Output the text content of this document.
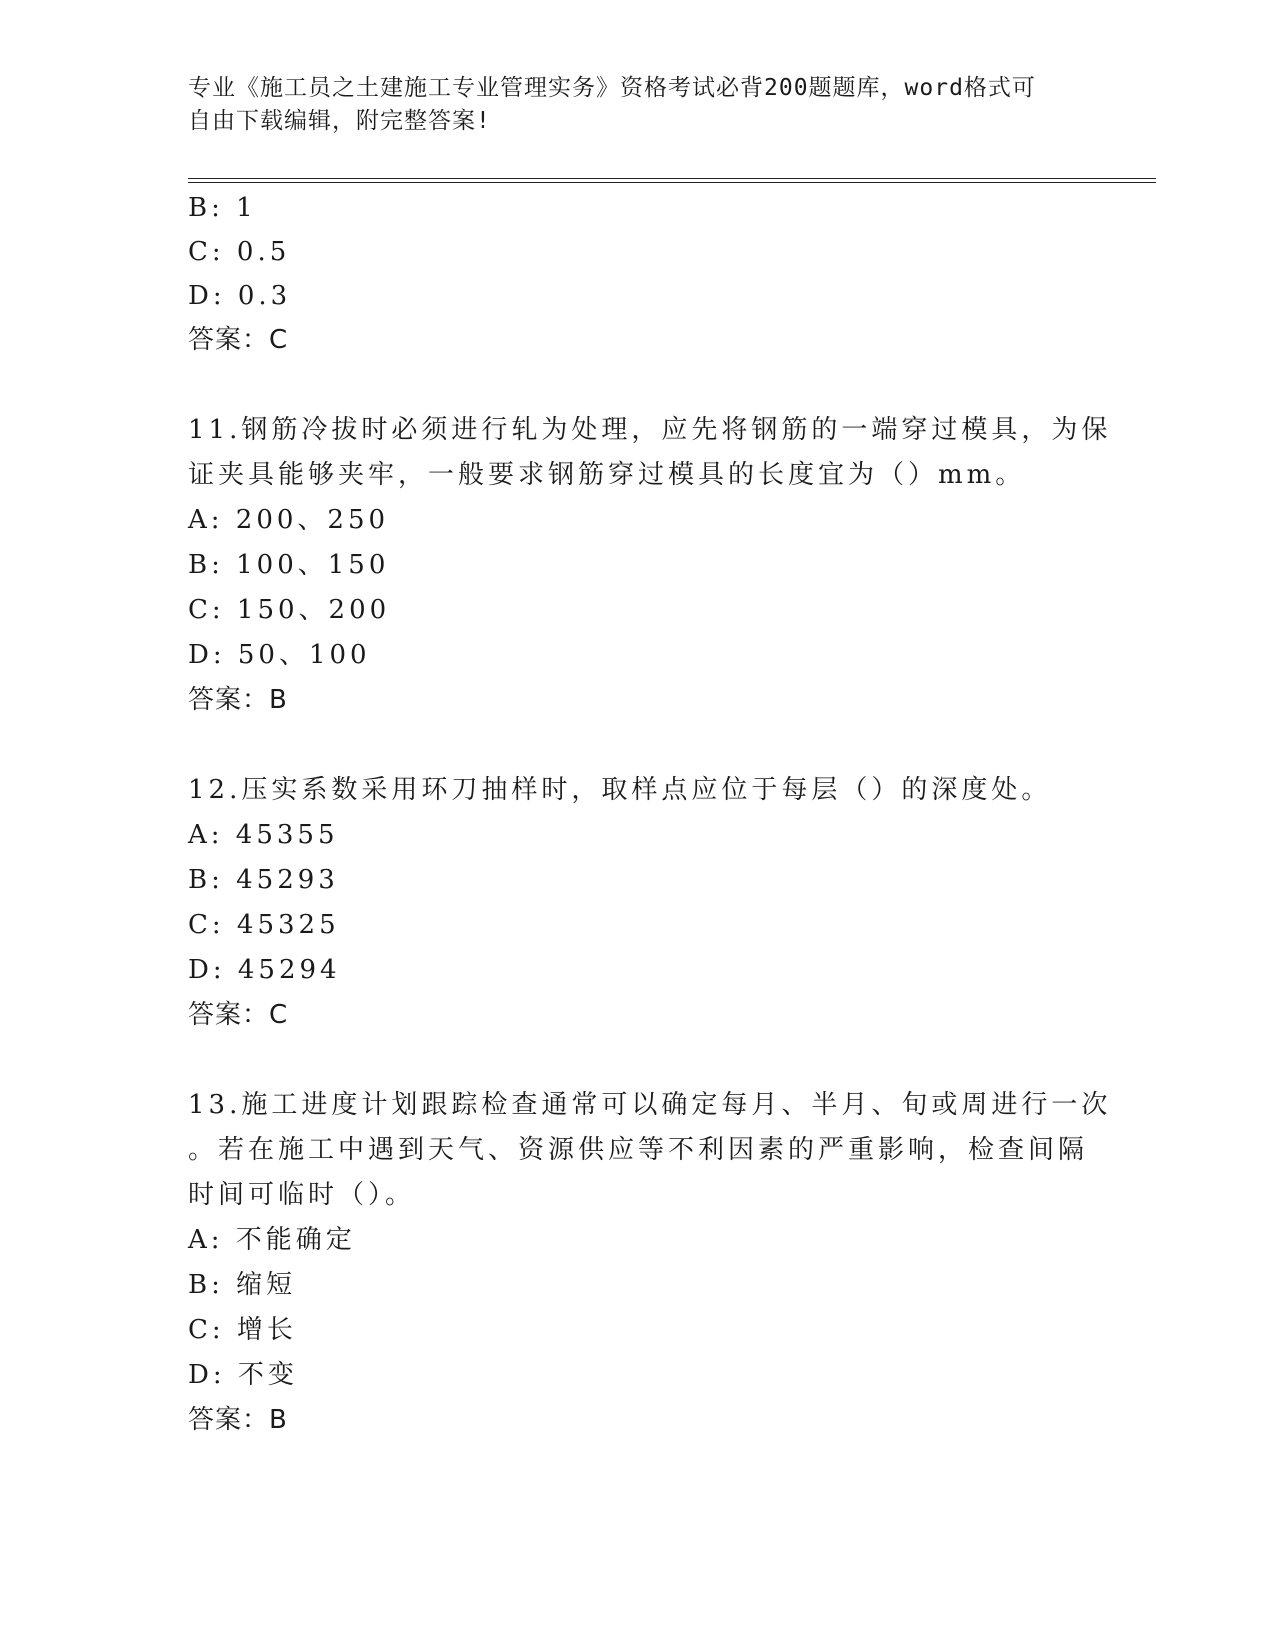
专业《施工员之土建施工专业管理实务》资格考试必背200题题库，word格式可
自由下载编辑，附完整答案!
B: 1
C: 0.5
D: 0.3
答案：C
11.钢筋冷拔时必须进行轧为处理，应先将钢筋的一端穿过模具，为保
证夹具能够夹牢，一般要求钢筋穿过模具的长度宜为（）mm。
A: 200、250
B: 100、150
C: 150、200
D: 50、100
答案：B
12.压实系数采用环刀抽样时，取样点应位于每层（）的深度处。
A: 45355
B: 45293
C: 45325
D: 45294
答案：C
13.施工进度计划跟踪检查通常可以确定每月、半月、旬或周进行一次
。若在施工中遇到天气、资源供应等不利因素的严重影响，检查间隔
时间可临时（）。
A: 不能确定
B: 缩短
C: 增长
D: 不变
答案：B
